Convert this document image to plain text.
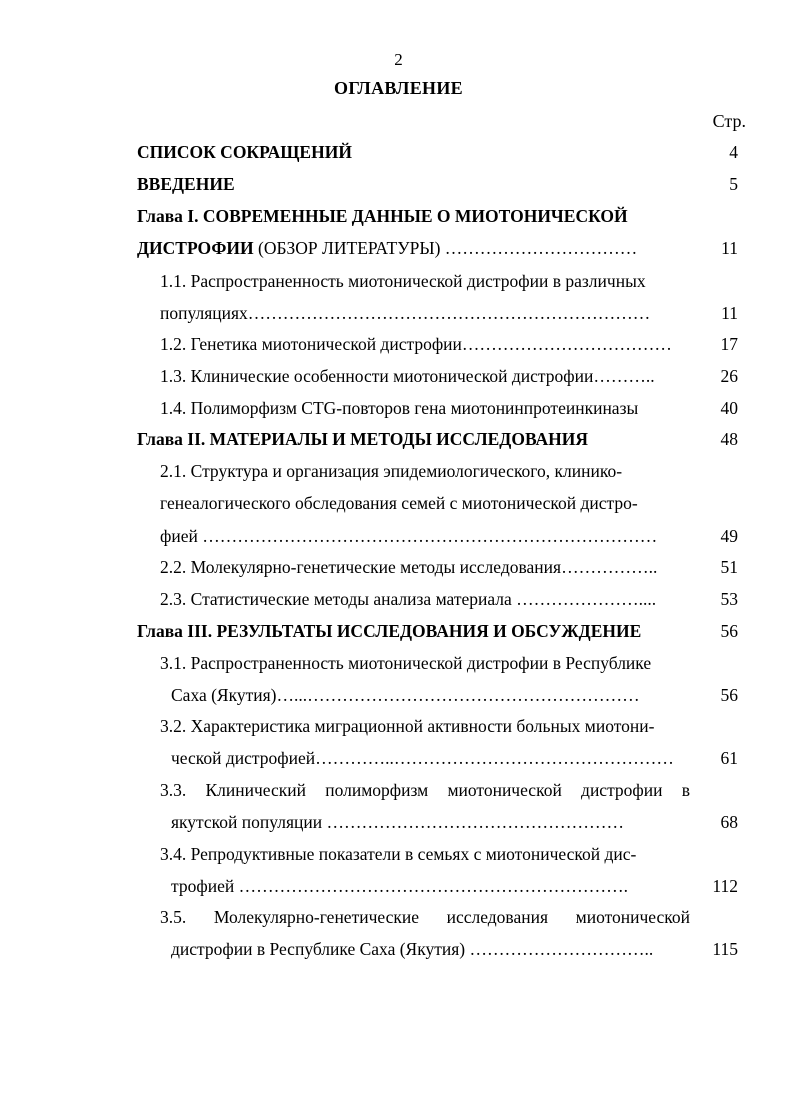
2
ОГЛАВЛЕНИЕ
Стр.
СПИСОК СОКРАЩЕНИЙ	4
ВВЕДЕНИЕ	5
Глава I. СОВРЕМЕННЫЕ ДАННЫЕ О МИОТОНИЧЕСКОЙ
ДИСТРОФИИ (ОБЗОР ЛИТЕРАТУРЫ) ……………………………	11
1.1. Распространенность миотонической дистрофии в различных
популяциях……………………………………………………………	11
1.2. Генетика миотонической дистрофии………………………………	17
1.3. Клинические особенности миотонической дистрофии………..	26
1.4. Полиморфизм CTG-повторов гена миотонинпротеинкиназы	40
Глава II. МАТЕРИАЛЫ И МЕТОДЫ ИССЛЕДОВАНИЯ	48
2.1. Структура и организация эпидемиологического, клинико-
генеалогического обследования семей с миотонической дистро-
фией ……………………………………………………………………	49
2.2. Молекулярно-генетические методы исследования……………..	51
2.3. Статистические методы анализа материала …………………....	53
Глава III. РЕЗУЛЬТАТЫ ИССЛЕДОВАНИЯ И ОБСУЖДЕНИЕ	56
3.1. Распространенность миотонической дистрофии в Республике
Саха (Якутия)…...…………………………………………………	56
3.2. Характеристика миграционной активности больных миотони-
ческой дистрофией…………..…………………………………………	61
3.3. Клинический полиморфизм миотонической дистрофии в
якутской популяции ……………………………………………	68
3.4. Репродуктивные показатели в семьях с миотонической дис-
трофией ………………………………………………………….	112
3.5. Молекулярно-генетические исследования миотонической
дистрофии в Республике Саха (Якутия) …………………………..	115
